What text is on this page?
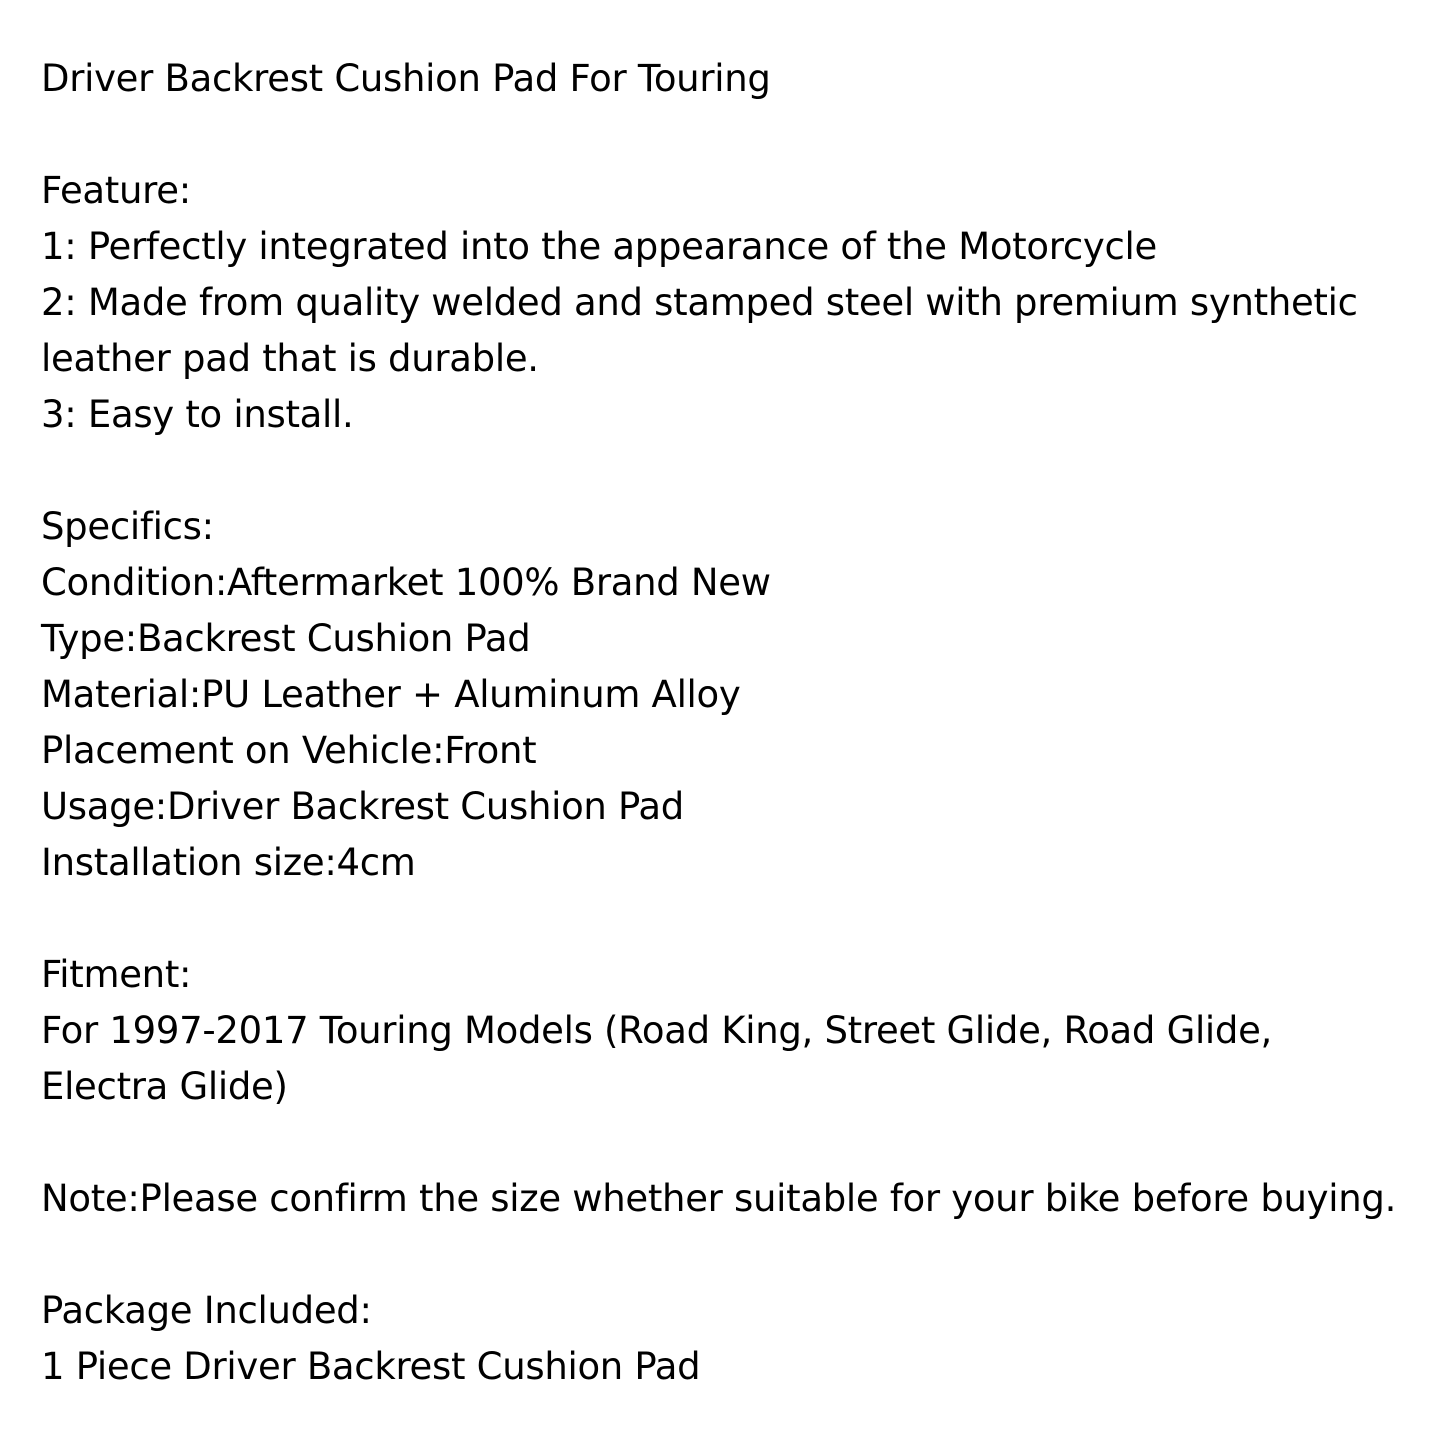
Driver Backrest Cushion Pad For Touring
Feature:
1: Perfectly integrated into the appearance of the Motorcycle
2: Made from quality welded and stamped steel with premium synthetic
leather pad that is durable.
3: Easy to install.
Specifics:
Condition:Aftermarket 100% Brand New
Type:Backrest Cushion Pad
Material:PU Leather + Aluminum Alloy
Placement on Vehicle:Front
Usage:Driver Backrest Cushion Pad
Installation size:4cm
Fitment:
For 1997-2017 Touring Models (Road King, Street Glide, Road Glide,
Electra Glide)
Note:Please confirm the size whether suitable for your bike before buying.
Package Included:
1 Piece Driver Backrest Cushion Pad
